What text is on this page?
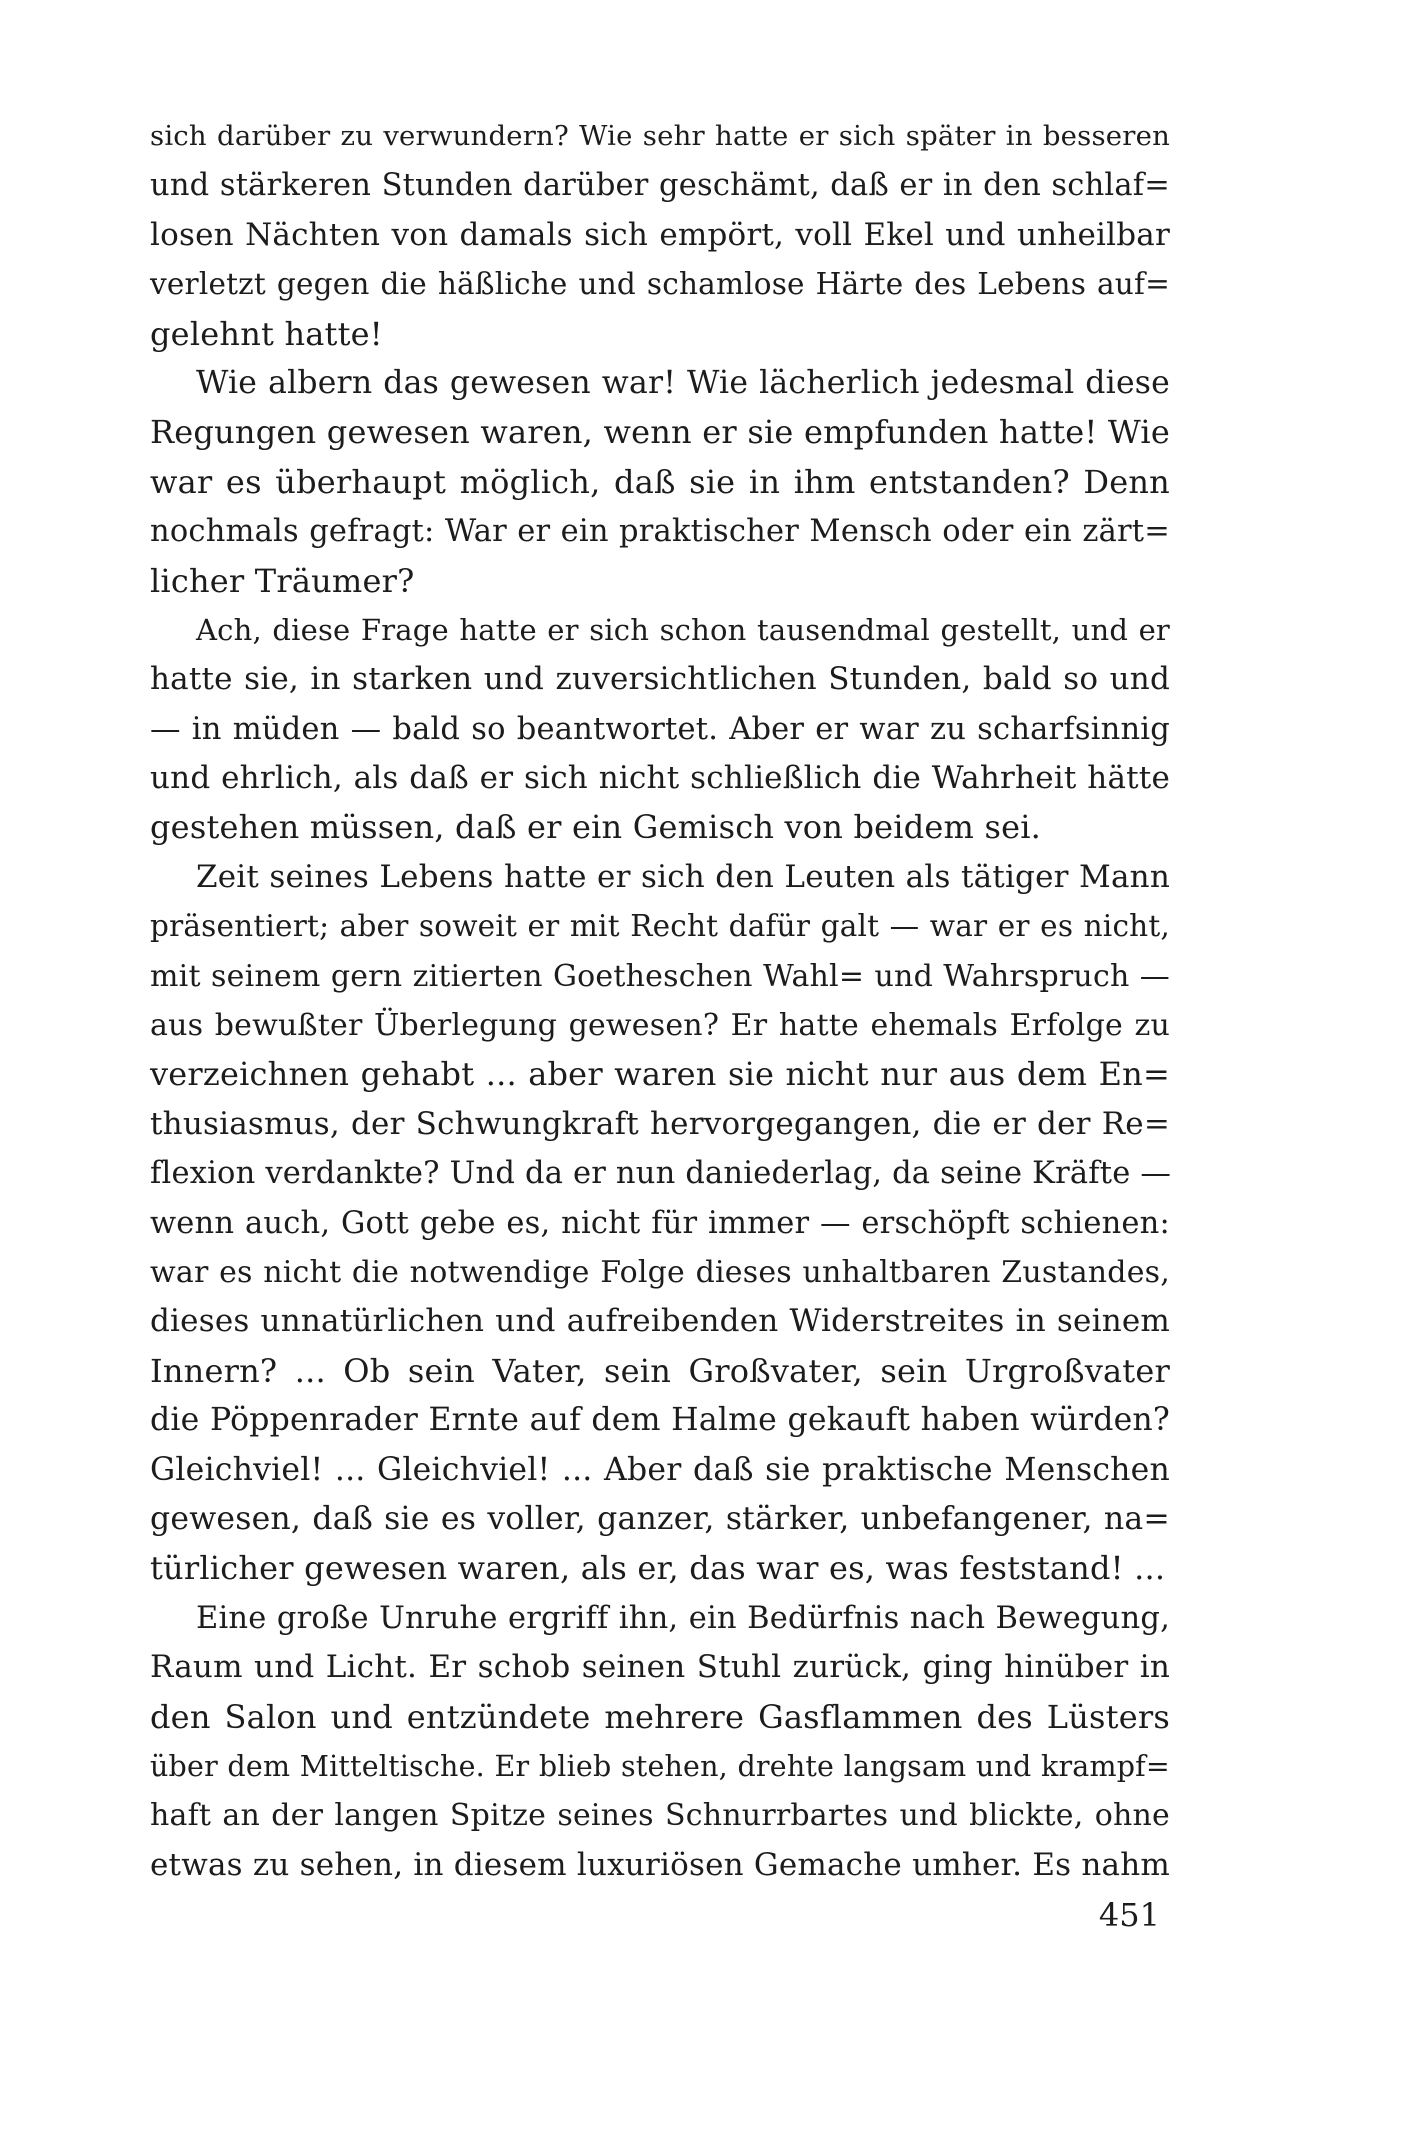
sich darüber zu verwundern? Wie sehr hatte er sich später in besseren
und stärkeren Stunden darüber geschämt, daß er in den schlaf=
losen Nächten von damals sich empört, voll Ekel und unheilbar
verletzt gegen die häßliche und schamlose Härte des Lebens auf=
gelehnt hatte!
Wie albern das gewesen war! Wie lächerlich jedesmal diese
Regungen gewesen waren, wenn er sie empfunden hatte! Wie
war es überhaupt möglich, daß sie in ihm entstanden? Denn
nochmals gefragt: War er ein praktischer Mensch oder ein zärt=
licher Träumer?
Ach, diese Frage hatte er sich schon tausendmal gestellt, und er
hatte sie, in starken und zuversichtlichen Stunden, bald so und
— in müden — bald so beantwortet. Aber er war zu scharfsinnig
und ehrlich, als daß er sich nicht schließlich die Wahrheit hätte
gestehen müssen, daß er ein Gemisch von beidem sei.
Zeit seines Lebens hatte er sich den Leuten als tätiger Mann
präsentiert; aber soweit er mit Recht dafür galt — war er es nicht,
mit seinem gern zitierten Goetheschen Wahl= und Wahrspruch —
aus bewußter Überlegung gewesen? Er hatte ehemals Erfolge zu
verzeichnen gehabt ... aber waren sie nicht nur aus dem En=
thusiasmus, der Schwungkraft hervorgegangen, die er der Re=
flexion verdankte? Und da er nun daniederlag, da seine Kräfte —
wenn auch, Gott gebe es, nicht für immer — erschöpft schienen:
war es nicht die notwendige Folge dieses unhaltbaren Zustandes,
dieses unnatürlichen und aufreibenden Widerstreites in seinem
Innern? ... Ob sein Vater, sein Großvater, sein Urgroßvater
die Pöppenrader Ernte auf dem Halme gekauft haben würden?
Gleichviel! ... Gleichviel! ... Aber daß sie praktische Menschen
gewesen, daß sie es voller, ganzer, stärker, unbefangener, na=
türlicher gewesen waren, als er, das war es, was feststand! ...
Eine große Unruhe ergriff ihn, ein Bedürfnis nach Bewegung,
Raum und Licht. Er schob seinen Stuhl zurück, ging hinüber in
den Salon und entzündete mehrere Gasflammen des Lüsters
über dem Mitteltische. Er blieb stehen, drehte langsam und krampf=
haft an der langen Spitze seines Schnurrbartes und blickte, ohne
etwas zu sehen, in diesem luxuriösen Gemache umher. Es nahm
451
